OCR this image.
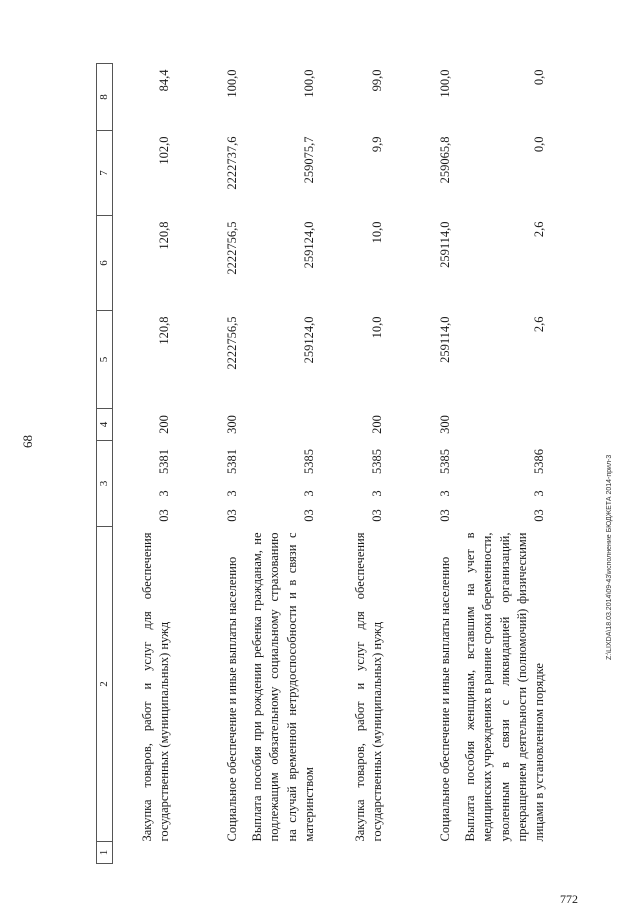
68
772
Z:\LIXDA\18.03.2014\09-43\исполнение БЮДЖЕТА 2014-прил-3
1	2	3			4	5	6	7	8
	Закупка товаров, работ и услуг для обеспечения государственных (муниципальных) нужд	03	3	5381	200	120,8	120,8	102,0	84,4
	Социальное обеспечение и иные выплаты населению	03	3	5381	300	2222756,5	2222756,5	2222737,6	100,0
	Выплата пособия при рождении ребенка гражданам, не подлежащим обязательному социальному страхованию на случай временной нетрудоспособности и в связи с материнством	03	3	5385		259124,0	259124,0	259075,7	100,0
	Закупка товаров, работ и услуг для обеспечения государственных (муниципальных) нужд	03	3	5385	200	10,0	10,0	9,9	99,0
	Социальное обеспечение и иные выплаты населению	03	3	5385	300	259114,0	259114,0	259065,8	100,0
	Выплата пособия женщинам, вставшим на учет в медицинских учреждениях в ранние сроки беременности, уволенным в связи с ликвидацией организаций, прекращением деятельности (полномочий) физическими лицами в установленном порядке	03	3	5386		2,6	2,6	0,0	0,0
